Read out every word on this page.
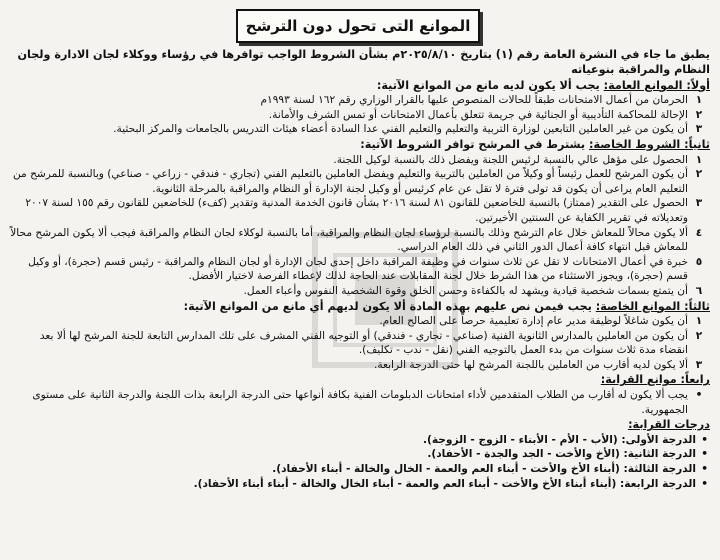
الموانع التى تحول دون الترشح
يطبق ما جاء في النشرة العامة رقم (١) بتاريخ ٢٠٢٥/٨/١٠م بشأن الشروط الواجب توافرها في رؤساء ووكلاء لجان الادارة ولجان النظام والمراقبة بنوعياته
أولاً: الموانع العامة: يجب ألا يكون لديه مانع من الموانع الآتية:
١
الحرمان من أعمال الامتحانات طبقاً للحالات المنصوص عليها بالقرار الوزاري رقم ١٦٢ لسنة ١٩٩٣م
٢
الإحالة للمحاكمة التأديبية أو الجنائية في جريمة تتعلق بأعمال الامتحانات أو تمس الشرف والأمانة.
٣
أن يكون من غير العاملين التابعين لوزارة التربية والتعليم والتعليم الفني عدا السادة أعضاء هيئات التدريس بالجامعات والمركز البحثية.
ثانياً: الشروط الخاصة: يشترط في المرشح توافر الشروط الآتية:
١
الحصول على مؤهل عالي بالنسبة لرئيس اللجنة ويفضل ذلك بالنسبة لوكيل اللجنة.
٢
أن يكون المرشح للعمل رئيساً أو وكيلاً من العاملين بالتربية والتعليم ويفضل العاملين بالتعليم الفني (تجاري - فندقي - زراعي - صناعي) وبالنسبة للمرشح من التعليم العام يراعى أن يكون قد تولى فترة لا تقل عن عام كرئيس أو وكيل لجنة الإدارة أو النظام والمراقبة بالمرحلة الثانوية.
٣
الحصول على التقدير (ممتاز) بالنسبة للخاضعين للقانون ٨١ لسنة ٢٠١٦ بشأن قانون الخدمة المدنية وتقدير (كفء) للخاضعين للقانون رقم ١٥٥ لسنة ٢٠٠٧ وتعديلاته في تقرير الكفاية عن السنتين الأخيرتين.
٤
ألا يكون محالاً للمعاش خلال عام الترشح وذلك بالنسبة لرؤساء لجان النظام والمراقبة، أما بالنسبة لوكلاء لجان النظام والمراقبة فيجب ألا يكون المرشح محالاً للمعاش قبل انتهاء كافة أعمال الدور الثاني في ذلك العام الدراسي.
٥
خبرة في أعمال الامتحانات لا تقل عن ثلاث سنوات في وظيفة المراقبة داخل إحدى لجان الإدارة أو لجان النظام والمراقبة - رئيس قسم (حجرة)، أو وكيل قسم (حجرة)، ويجوز الاستثناء من هذا الشرط خلال لجنة المقابلات عند الحاجة لذلك لإعطاء الفرصة لاختيار الأفضل.
٦
أن يتمتع بسمات شخصية قيادية ويشهد له بالكفاءة وحسن الخلق وقوة الشخصية النفوس وأعباء العمل.
ثالثاً: الموانع الخاصة: يجب فيمن نص عليهم بهذه المادة ألا يكون لديهم أي مانع من الموانع الآتية:
١
أن يكون شاغلاً لوظيفة مدير عام إدارة تعليمية حرصاً على الصالح العام.
٢
أن يكون من العاملين بالمدارس الثانوية الفنية (صناعي - تجاري - فندقي) أو التوجيه الفني المشرف على تلك المدارس التابعة للجنة المرشح لها ألا بعد انقضاء مدة ثلاث سنوات من بدء العمل بالتوجيه الفني (نقل - ندب - تكليف).
٣
ألا يكون لديه أقارب من العاملين باللجنة المرشح لها حتى الدرجة الرابعة.
رابعاً: موانع القرابة:
•
يجب ألا يكون له أقارب من الطلاب المتقدمين لأداء امتحانات الدبلومات الفنية بكافة أنواعها حتى الدرجة الرابعة بذات اللجنة والدرجة الثانية على مستوى الجمهورية.
درجات القرابة:
• الدرجة الأولى: (الأب - الأم - الأبناء - الزوج - الزوجة).
• الدرجة الثانية: (الأخ والأخت - الجد والجدة - الأحفاد).
• الدرجة الثالثة: (أبناء الأخ والأخت - أبناء العم والعمة - الخال والخالة - أبناء الأحفاد).
• الدرجة الرابعة: (أبناء أبناء الأخ والأخت - أبناء العم والعمة - أبناء الخال والخالة - أبناء أبناء الأحفاد).
